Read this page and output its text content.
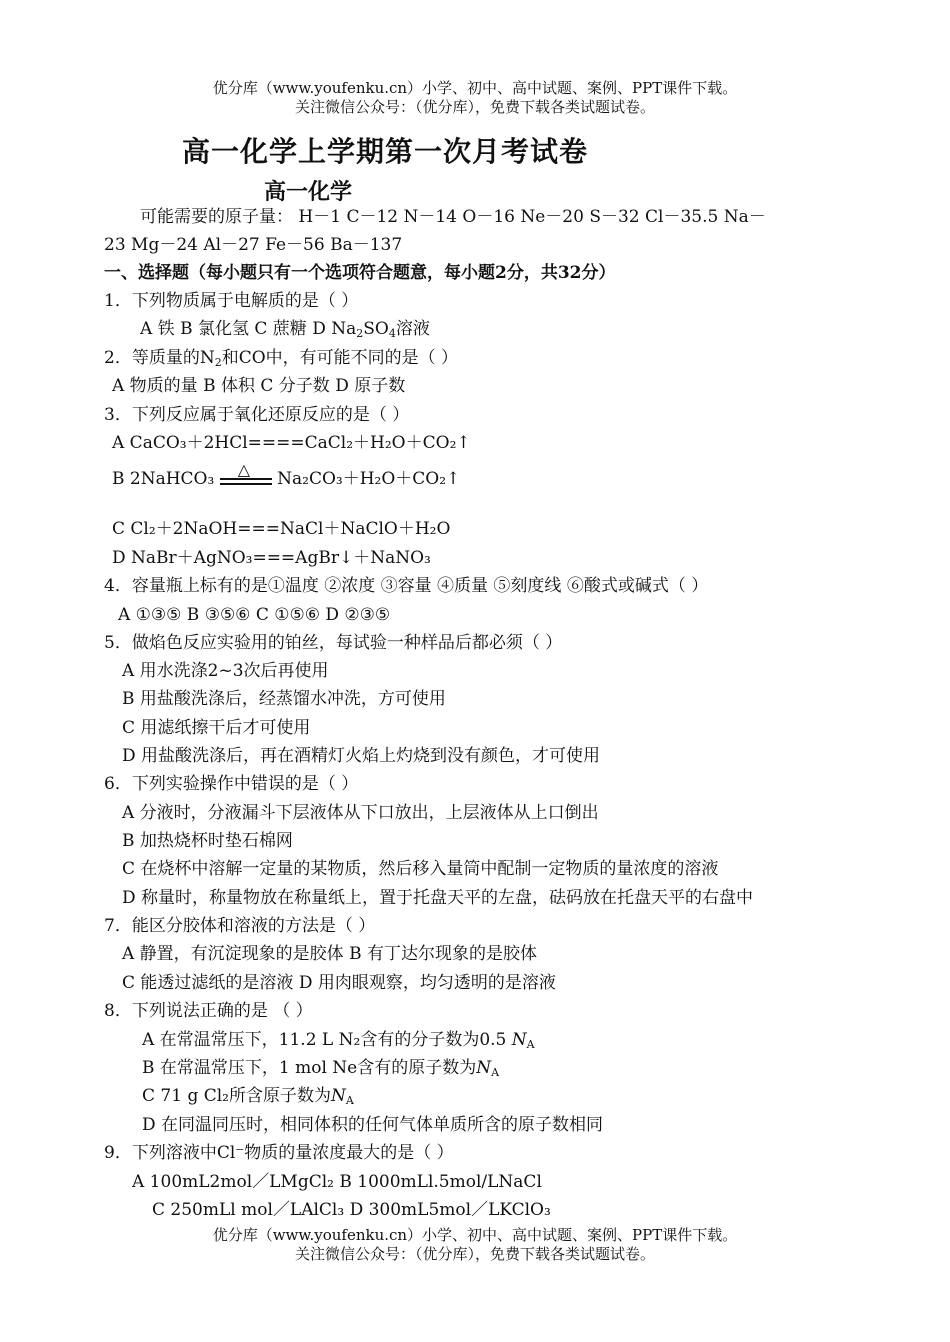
优分库（www.youfenku.cn）小学、初中、高中试题、案例、PPT课件下载。
关注微信公众号：（优分库），免费下载各类试题试卷。
高一化学上学期第一次月考试卷
高一化学
可能需要的原子量： H－1 C－12 N－14 O－16 Ne－20 S－32 Cl－35.5 Na－
23 Mg－24 Al－27 Fe－56 Ba－137
一、选择题（每小题只有一个选项符合题意，每小题2分，共32分）
1．下列物质属于电解质的是（ ）
A 铁 B 氯化氢 C 蔗糖 D $Na_2SO_4$溶液
2．等质量的$N_2$和CO中，有可能不同的是（ ）
A 物质的量 B 体积 C 分子数 D 原子数
3．下列反应属于氧化还原反应的是（ ）
A CaCO₃＋2HCl====CaCl₂＋H₂O＋CO₂↑
B 2NaHCO₃ △ Na₂CO₃＋H₂O＋CO₂↑
C Cl₂＋2NaOH===NaCl＋NaClO＋H₂O
D NaBr＋AgNO₃===AgBr↓＋NaNO₃
4．容量瓶上标有的是①温度 ②浓度 ③容量 ④质量 ⑤刻度线 ⑥酸式或碱式（ ）
A ①③⑤ B ③⑤⑥ C ①⑤⑥ D ②③⑤
5．做焰色反应实验用的铂丝，每试验一种样品后都必须（ ）
A 用水洗涤2~3次后再使用
B 用盐酸洗涤后，经蒸馏水冲洗，方可使用
C 用滤纸擦干后才可使用
D 用盐酸洗涤后，再在酒精灯火焰上灼烧到没有颜色，才可使用
6．下列实验操作中错误的是（ ）
A 分液时，分液漏斗下层液体从下口放出，上层液体从上口倒出
B 加热烧杯时垫石棉网
C 在烧杯中溶解一定量的某物质，然后移入量筒中配制一定物质的量浓度的溶液
D 称量时，称量物放在称量纸上，置于托盘天平的左盘，砝码放在托盘天平的右盘中
7．能区分胶体和溶液的方法是（ ）
A 静置，有沉淀现象的是胶体 B 有丁达尔现象的是胶体
C 能透过滤纸的是溶液 D 用肉眼观察，均匀透明的是溶液
8．下列说法正确的是 （ ）
A 在常温常压下，11.2 L N₂含有的分子数为0.5 $N_A$
B 在常温常压下，1 mol Ne含有的原子数为$N_A$
C 71 g Cl₂所含原子数为$N_A$
D 在同温同压时，相同体积的任何气体单质所含的原子数相同
9．下列溶液中Cl⁻物质的量浓度最大的是（ ）
A 100mL2mol／LMgCl₂ B 1000mLl.5mol/LNaCl
C 250mLl mol／LAlCl₃ D 300mL5mol／LKClO₃
优分库（www.youfenku.cn）小学、初中、高中试题、案例、PPT课件下载。
关注微信公众号：（优分库），免费下载各类试题试卷。
